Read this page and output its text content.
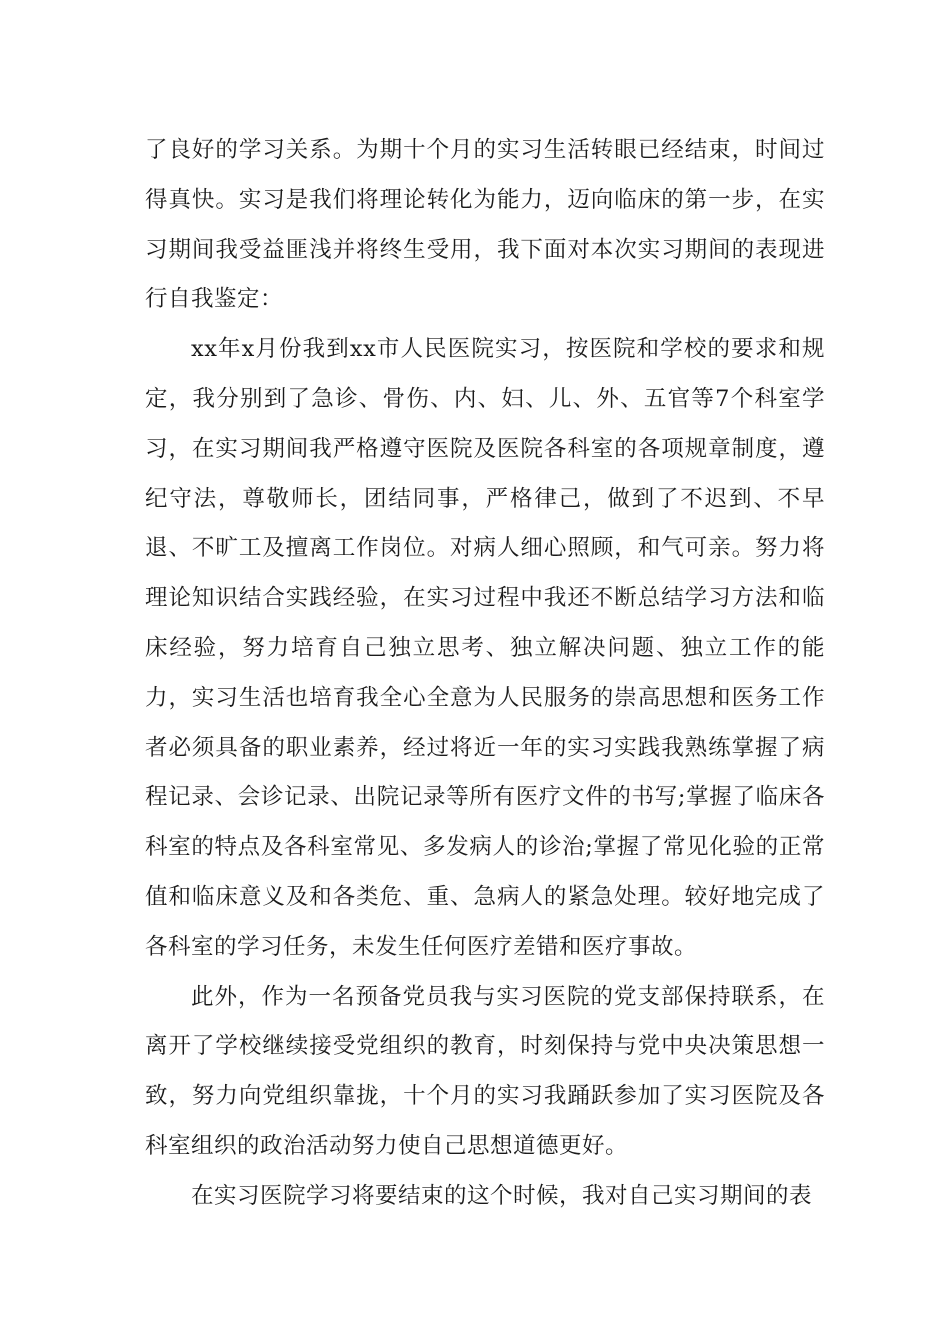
了良好的学习关系。为期十个月的实习生活转眼已经结束，时间过得真快。实习是我们将理论转化为能力，迈向临床的第一步，在实习期间我受益匪浅并将终生受用，我下面对本次实习期间的表现进行自我鉴定：

xx年x月份我到xx市人民医院实习，按医院和学校的要求和规定，我分别到了急诊、骨伤、内、妇、儿、外、五官等7个科室学习，在实习期间我严格遵守医院及医院各科室的各项规章制度，遵纪守法，尊敬师长，团结同事，严格律己，做到了不迟到、不早退、不旷工及擅离工作岗位。对病人细心照顾，和气可亲。努力将理论知识结合实践经验，在实习过程中我还不断总结学习方法和临床经验，努力培育自己独立思考、独立解决问题、独立工作的能力，实习生活也培育我全心全意为人民服务的崇高思想和医务工作者必须具备的职业素养，经过将近一年的实习实践我熟练掌握了病程记录、会诊记录、出院记录等所有医疗文件的书写;掌握了临床各科室的特点及各科室常见、多发病人的诊治;掌握了常见化验的正常值和临床意义及和各类危、重、急病人的紧急处理。较好地完成了各科室的学习任务，未发生任何医疗差错和医疗事故。

此外，作为一名预备党员我与实习医院的党支部保持联系，在离开了学校继续接受党组织的教育，时刻保持与党中央决策思想一致，努力向党组织靠拢，十个月的实习我踊跃参加了实习医院及各科室组织的政治活动努力使自己思想道德更好。

在实习医院学习将要结束的这个时候，我对自己实习期间的表
